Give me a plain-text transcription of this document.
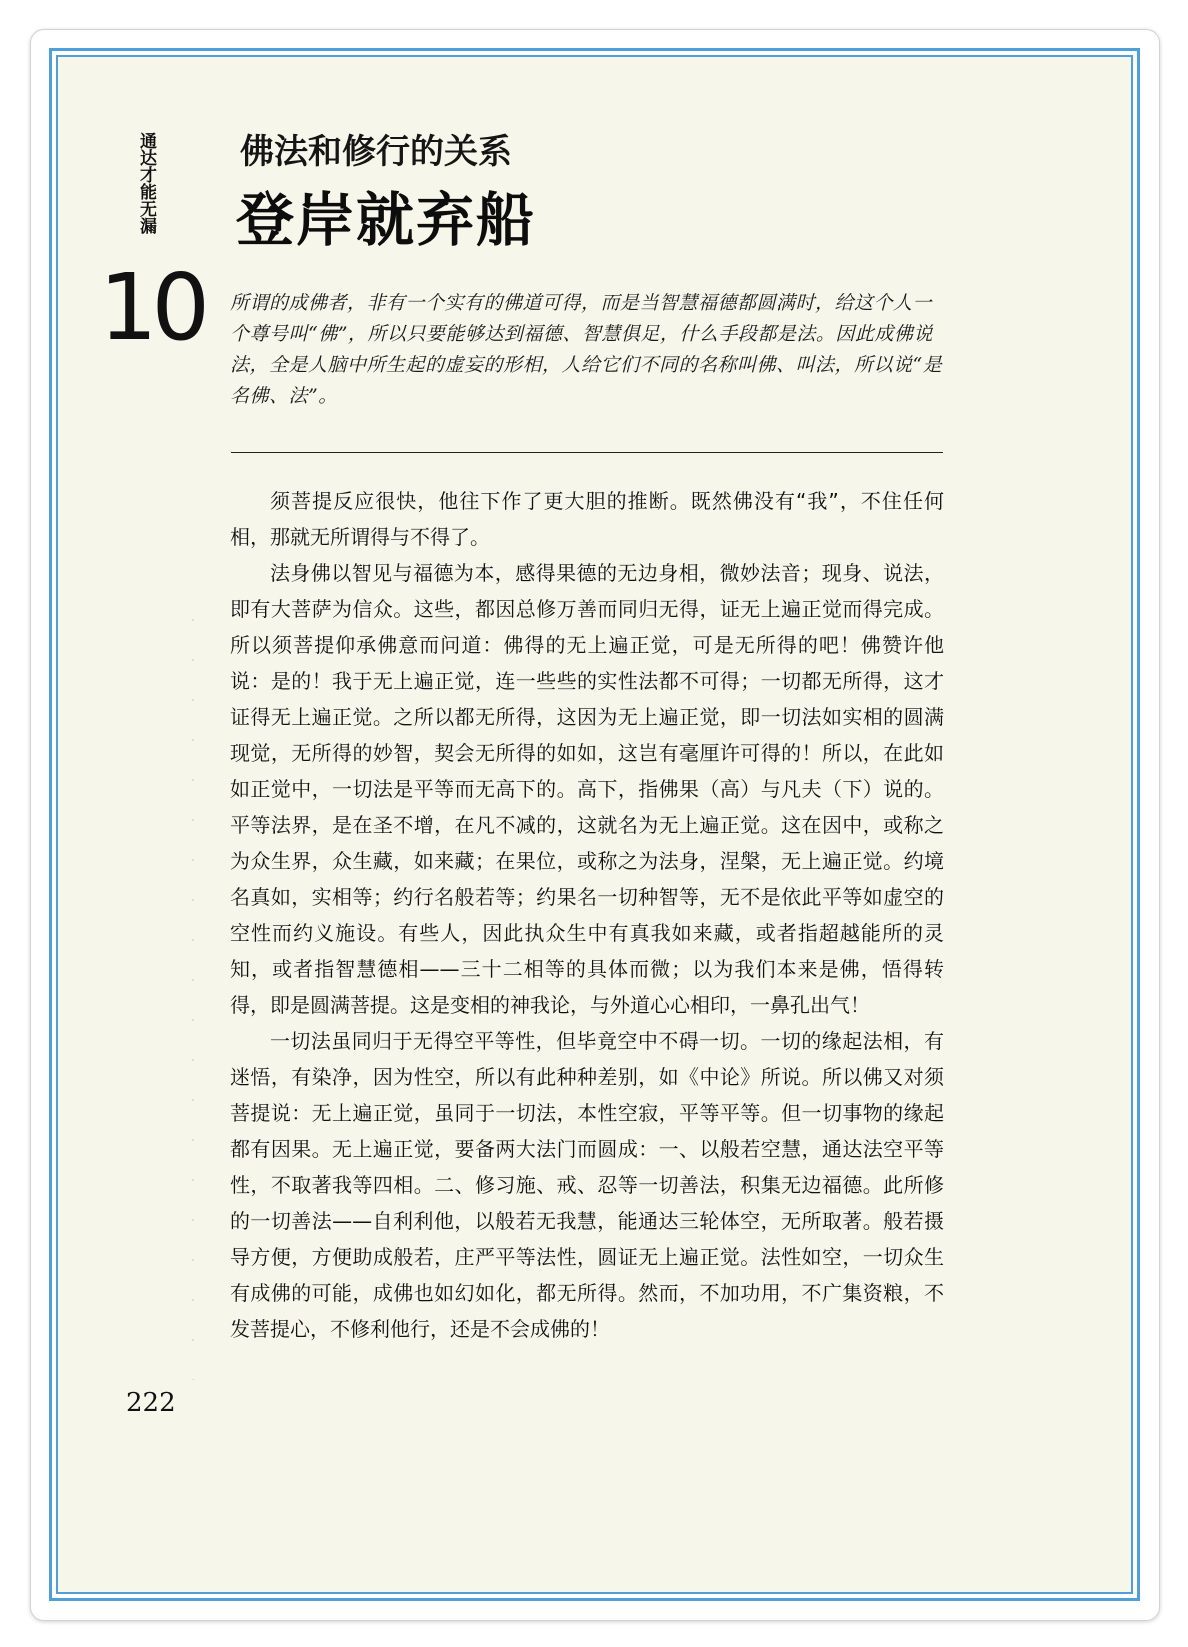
通达才能无漏
10
佛法和修行的关系
登岸就弃船
所谓的成佛者，非有一个实有的佛道可得，而是当智慧福德都圆满时，给这个人一个尊号叫“佛”，所以只要能够达到福德、智慧俱足，什么手段都是法。因此成佛说法，全是人脑中所生起的虚妄的形相，人给它们不同的名称叫佛、叫法，所以说“是名佛、法”。

须菩提反应很快，他往下作了更大胆的推断。既然佛没有“我”，不住任何相，那就无所谓得与不得了。

法身佛以智见与福德为本，感得果德的无边身相，微妙法音；现身、说法，即有大菩萨为信众。这些，都因总修万善而同归无得，证无上遍正觉而得完成。所以须菩提仰承佛意而问道：佛得的无上遍正觉，可是无所得的吧！佛赞许他说：是的！我于无上遍正觉，连一些些的实性法都不可得；一切都无所得，这才证得无上遍正觉。之所以都无所得，这因为无上遍正觉，即一切法如实相的圆满现觉，无所得的妙智，契会无所得的如如，这岂有毫厘许可得的！所以，在此如如正觉中，一切法是平等而无高下的。高下，指佛果（高）与凡夫（下）说的。平等法界，是在圣不增，在凡不减的，这就名为无上遍正觉。这在因中，或称之为众生界，众生藏，如来藏；在果位，或称之为法身，涅槃，无上遍正觉。约境名真如，实相等；约行名般若等；约果名一切种智等，无不是依此平等如虚空的空性而约义施设。有些人，因此执众生中有真我如来藏，或者指超越能所的灵知，或者指智慧德相——三十二相等的具体而微；以为我们本来是佛，悟得转得，即是圆满菩提。这是变相的神我论，与外道心心相印，一鼻孔出气！

一切法虽同归于无得空平等性，但毕竟空中不碍一切。一切的缘起法相，有迷悟，有染净，因为性空，所以有此种种差别，如《中论》所说。所以佛又对须菩提说：无上遍正觉，虽同于一切法，本性空寂，平等平等。但一切事物的缘起都有因果。无上遍正觉，要备两大法门而圆成：一、以般若空慧，通达法空平等性，不取著我等四相。二、修习施、戒、忍等一切善法，积集无边福德。此所修的一切善法——自利利他，以般若无我慧，能通达三轮体空，无所取著。般若摄导方便，方便助成般若，庄严平等法性，圆证无上遍正觉。法性如空，一切众生有成佛的可能，成佛也如幻如化，都无所得。然而，不加功用，不广集资粮，不发菩提心，不修利他行，还是不会成佛的！

222
